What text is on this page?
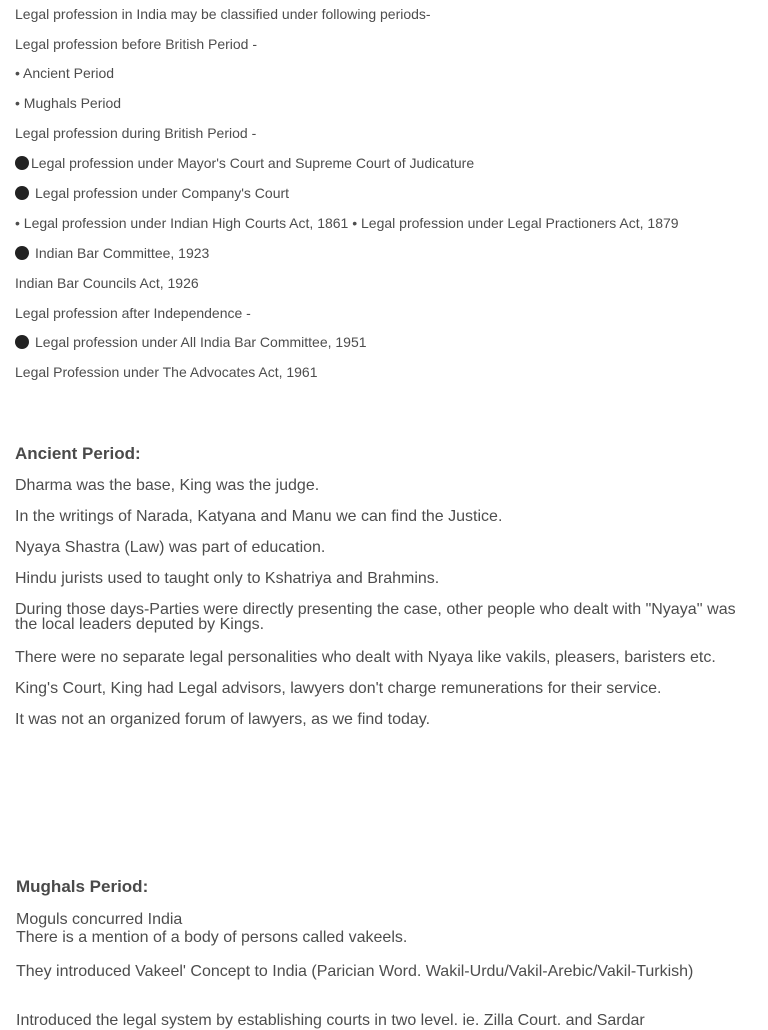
Legal profession in India may be classified under following periods-
Legal profession before British Period -
• Ancient Period
• Mughals Period
Legal profession during British Period -
Legal profession under Mayor's Court and Supreme Court of Judicature
Legal profession under Company's Court
• Legal profession under Indian High Courts Act, 1861 • Legal profession under Legal Practioners Act, 1879
Indian Bar Committee, 1923
Indian Bar Councils Act, 1926
Legal profession after Independence -
Legal profession under All India Bar Committee, 1951
Legal Profession under The Advocates Act, 1961
Ancient Period:
Dharma was the base, King was the judge.
In the writings of Narada, Katyana and Manu we can find the Justice.
Nyaya Shastra (Law) was part of education.
Hindu jurists used to taught only to Kshatriya and Brahmins.
During those days-Parties were directly presenting the case, other people who dealt with "Nyaya'' was the local leaders deputed by Kings.
There were no separate legal personalities who dealt with Nyaya like vakils, pleasers, baristers etc.
King's Court, King had Legal advisors, lawyers don't charge remunerations for their service.
It was not an organized forum of lawyers, as we find today.
Mughals Period:
Moguls concurred India
There is a mention of a body of persons called vakeels.
They introduced Vakeel' Concept to India (Parician Word. Wakil-Urdu/Vakil-Arebic/Vakil-Turkish)
Introduced the legal system by establishing courts in two level. ie. Zilla Court. and Sardar
